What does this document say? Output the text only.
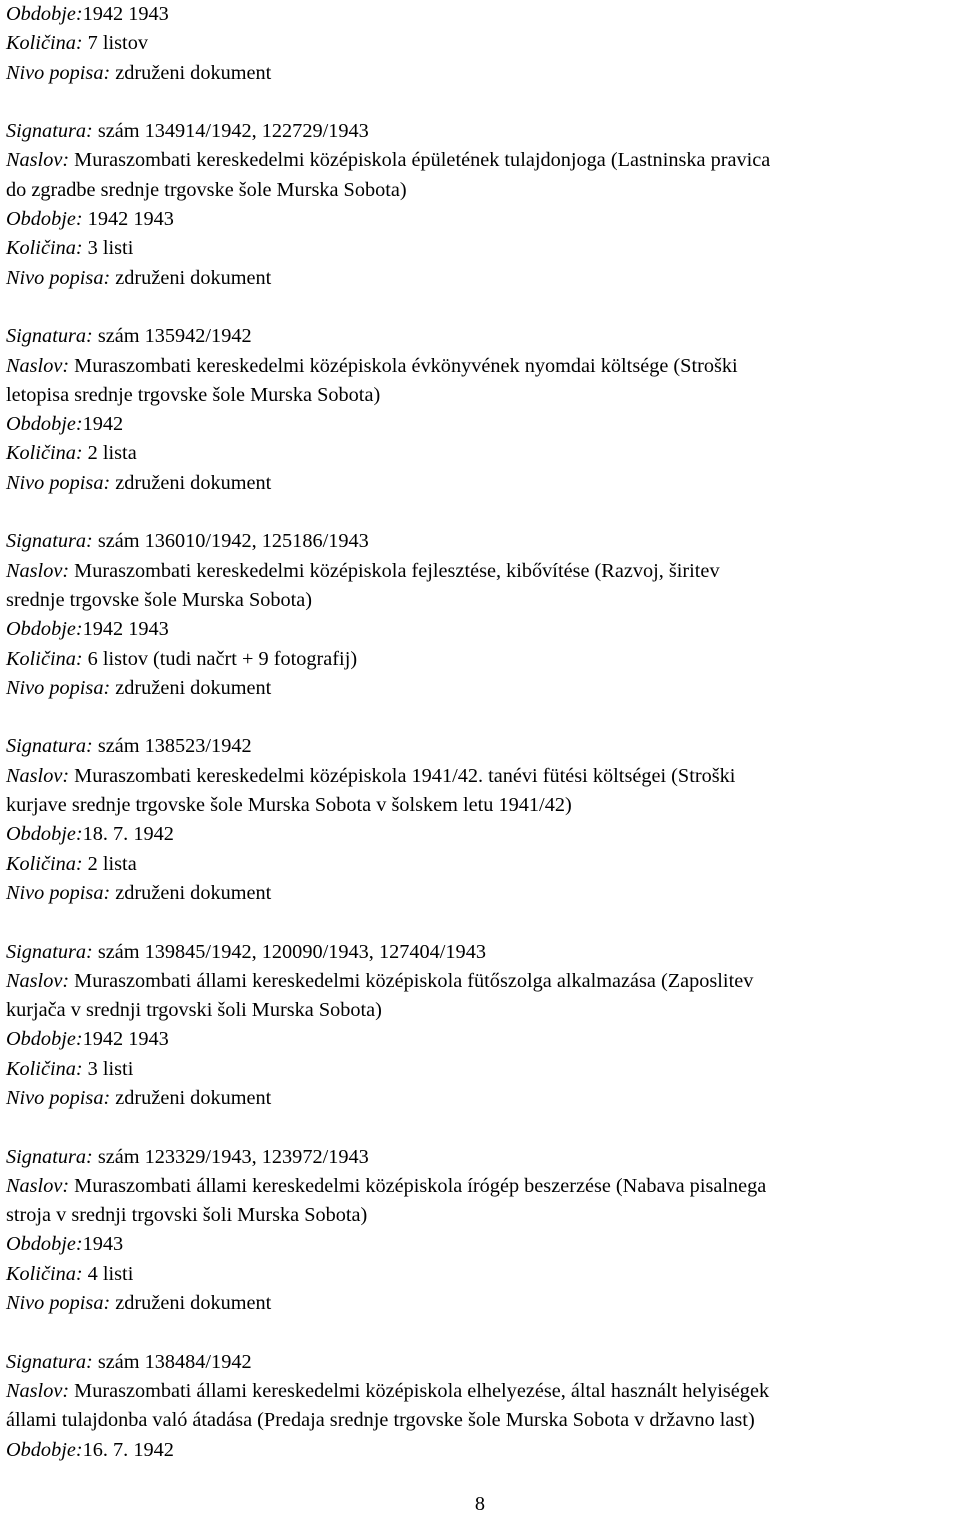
Obdobje:1942 1943
Količina: 7 listov
Nivo popisa: združeni dokument
Signatura: szám 134914/1942, 122729/1943
Naslov: Muraszombati kereskedelmi középiskola épületének tulajdonjoga (Lastninska pravica
do zgradbe srednje trgovske šole Murska Sobota)
Obdobje: 1942 1943
Količina: 3 listi
Nivo popisa: združeni dokument
Signatura: szám 135942/1942
Naslov: Muraszombati kereskedelmi középiskola évkönyvének nyomdai költsége (Stroški
letopisa srednje trgovske šole Murska Sobota)
Obdobje:1942
Količina: 2 lista
Nivo popisa: združeni dokument
Signatura: szám 136010/1942, 125186/1943
Naslov: Muraszombati kereskedelmi középiskola fejlesztése, kibővítése (Razvoj, širitev
srednje trgovske šole Murska Sobota)
Obdobje:1942 1943
Količina: 6 listov (tudi načrt + 9 fotografij)
Nivo popisa: združeni dokument
Signatura: szám 138523/1942
Naslov: Muraszombati kereskedelmi középiskola 1941/42. tanévi fütési költségei (Stroški
kurjave srednje trgovske šole Murska Sobota v šolskem letu 1941/42)
Obdobje:18. 7. 1942
Količina: 2 lista
Nivo popisa: združeni dokument
Signatura: szám 139845/1942, 120090/1943, 127404/1943
Naslov: Muraszombati állami kereskedelmi középiskola fütőszolga alkalmazása (Zaposlitev
kurjača v srednji trgovski šoli Murska Sobota)
Obdobje:1942 1943
Količina: 3 listi
Nivo popisa: združeni dokument
Signatura: szám 123329/1943, 123972/1943
Naslov: Muraszombati állami kereskedelmi középiskola írógép beszerzése (Nabava pisalnega
stroja v srednji trgovski šoli Murska Sobota)
Obdobje:1943
Količina: 4 listi
Nivo popisa: združeni dokument
Signatura: szám 138484/1942
Naslov: Muraszombati állami kereskedelmi középiskola elhelyezése, által használt helyiségek
állami tulajdonba való átadása (Predaja srednje trgovske šole Murska Sobota v državno last)
Obdobje:16. 7. 1942
8
